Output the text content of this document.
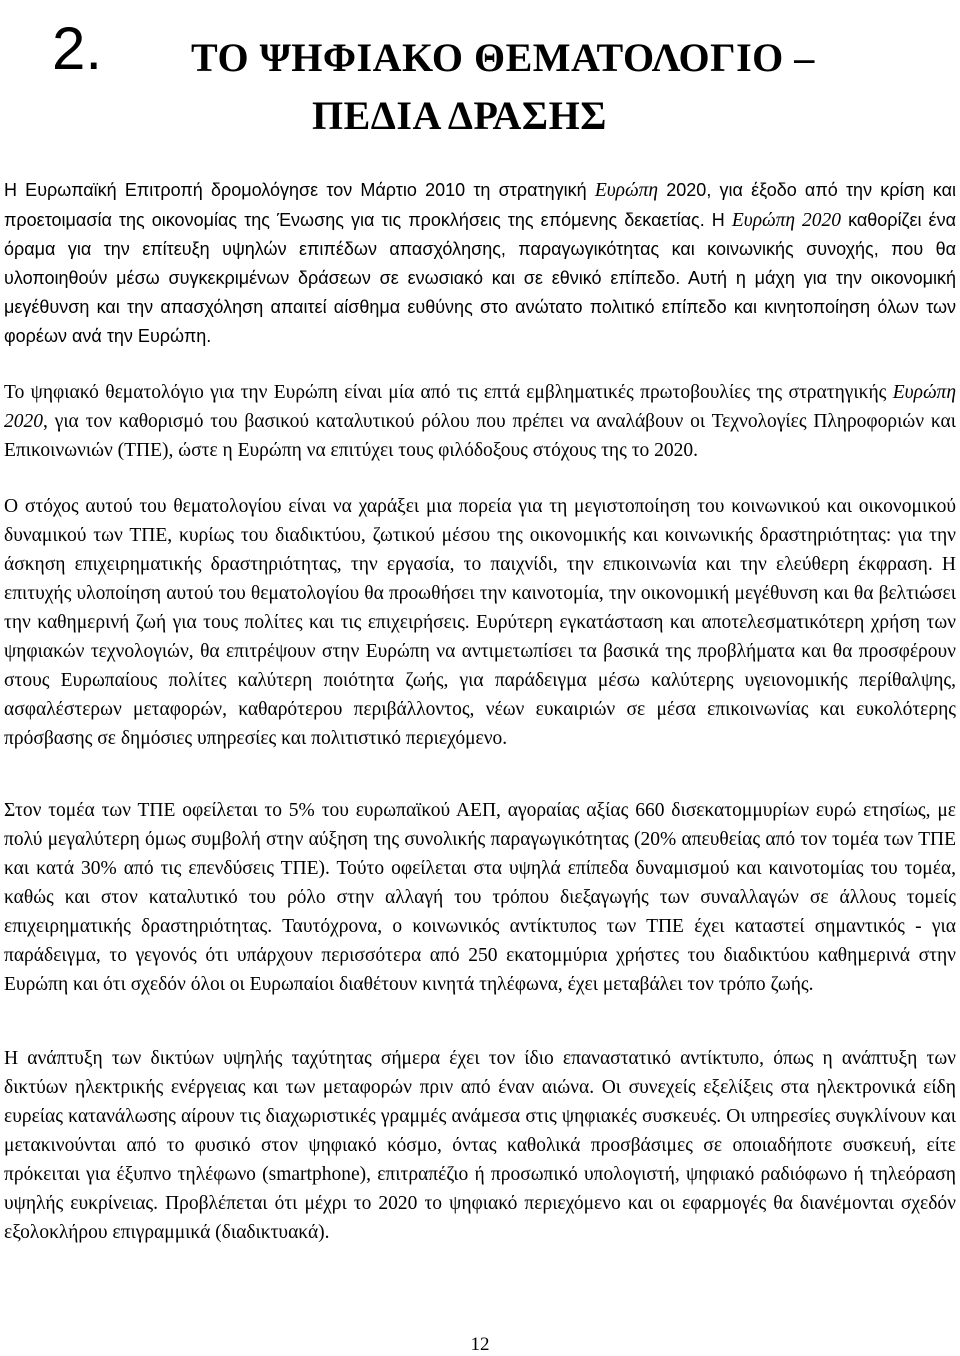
2. ΤΟ ΨΗΦΙΑΚΟ ΘΕΜΑΤΟΛΟΓΙΟ –
ΠΕΔΙΑ ΔΡΑΣΗΣ

Η Ευρωπαϊκή Επιτροπή δρομολόγησε τον Μάρτιο 2010 τη στρατηγική Ευρώπη 2020, για έξοδο από την κρίση και προετοιμασία της οικονομίας της Ένωσης για τις προκλήσεις της επόμενης δεκαετίας. Η Ευρώπη 2020 καθορίζει ένα όραμα για την επίτευξη υψηλών επιπέδων απασχόλησης, παραγωγικότητας και κοινωνικής συνοχής, που θα υλοποιηθούν μέσω συγκεκριμένων δράσεων σε ενωσιακό και σε εθνικό επίπεδο. Αυτή η μάχη για την οικονομική μεγέθυνση και την απασχόληση απαιτεί αίσθημα ευθύνης στο ανώτατο πολιτικό επίπεδο και κινητοποίηση όλων των φορέων ανά την Ευρώπη.

Το ψηφιακό θεματολόγιο για την Ευρώπη είναι μία από τις επτά εμβληματικές πρωτοβουλίες της στρατηγικής Ευρώπη 2020, για τον καθορισμό του βασικού καταλυτικού ρόλου που πρέπει να αναλάβουν οι Τεχνολογίες Πληροφοριών και Επικοινωνιών (ΤΠΕ), ώστε η Ευρώπη να επιτύχει τους φιλόδοξους στόχους της το 2020.

Ο στόχος αυτού του θεματολογίου είναι να χαράξει μια πορεία για τη μεγιστοποίηση του κοινωνικού και οικονομικού δυναμικού των ΤΠΕ, κυρίως του διαδικτύου, ζωτικού μέσου της οικονομικής και κοινωνικής δραστηριότητας: για την άσκηση επιχειρηματικής δραστηριότητας, την εργασία, το παιχνίδι, την επικοινωνία και την ελεύθερη έκφραση. Η επιτυχής υλοποίηση αυτού του θεματολογίου θα προωθήσει την καινοτομία, την οικονομική μεγέθυνση και θα βελτιώσει την καθημερινή ζωή για τους πολίτες και τις επιχειρήσεις. Ευρύτερη εγκατάσταση και αποτελεσματικότερη χρήση των ψηφιακών τεχνολογιών, θα επιτρέψουν στην Ευρώπη να αντιμετωπίσει τα βασικά της προβλήματα και θα προσφέρουν στους Ευρωπαίους πολίτες καλύτερη ποιότητα ζωής, για παράδειγμα μέσω καλύτερης υγειονομικής περίθαλψης, ασφαλέστερων μεταφορών, καθαρότερου περιβάλλοντος, νέων ευκαιριών σε μέσα επικοινωνίας και ευκολότερης πρόσβασης σε δημόσιες υπηρεσίες και πολιτιστικό περιεχόμενο.

Στον τομέα των ΤΠΕ οφείλεται το 5% του ευρωπαϊκού ΑΕΠ, αγοραίας αξίας 660 δισεκατομμυρίων ευρώ ετησίως, με πολύ μεγαλύτερη όμως συμβολή στην αύξηση της συνολικής παραγωγικότητας (20% απευθείας από τον τομέα των ΤΠΕ και κατά 30% από τις επενδύσεις ΤΠΕ). Τούτο οφείλεται στα υψηλά επίπεδα δυναμισμού και καινοτομίας του τομέα, καθώς και στον καταλυτικό του ρόλο στην αλλαγή του τρόπου διεξαγωγής των συναλλαγών σε άλλους τομείς επιχειρηματικής δραστηριότητας. Ταυτόχρονα, ο κοινωνικός αντίκτυπος των ΤΠΕ έχει καταστεί σημαντικός - για παράδειγμα, το γεγονός ότι υπάρχουν περισσότερα από 250 εκατομμύρια χρήστες του διαδικτύου καθημερινά στην Ευρώπη και ότι σχεδόν όλοι οι Ευρωπαίοι διαθέτουν κινητά τηλέφωνα, έχει μεταβάλει τον τρόπο ζωής.

Η ανάπτυξη των δικτύων υψηλής ταχύτητας σήμερα έχει τον ίδιο επαναστατικό αντίκτυπο, όπως η ανάπτυξη των δικτύων ηλεκτρικής ενέργειας και των μεταφορών πριν από έναν αιώνα. Οι συνεχείς εξελίξεις στα ηλεκτρονικά είδη ευρείας κατανάλωσης αίρουν τις διαχωριστικές γραμμές ανάμεσα στις ψηφιακές συσκευές. Οι υπηρεσίες συγκλίνουν και μετακινούνται από το φυσικό στον ψηφιακό κόσμο, όντας καθολικά προσβάσιμες σε οποιαδήποτε συσκευή, είτε πρόκειται για έξυπνο τηλέφωνο (smartphone), επιτραπέζιο ή προσωπικό υπολογιστή, ψηφιακό ραδιόφωνο ή τηλεόραση υψηλής ευκρίνειας. Προβλέπεται ότι μέχρι το 2020 το ψηφιακό περιεχόμενο και οι εφαρμογές θα διανέμονται σχεδόν εξολοκλήρου επιγραμμικά (διαδικτυακά).

12
